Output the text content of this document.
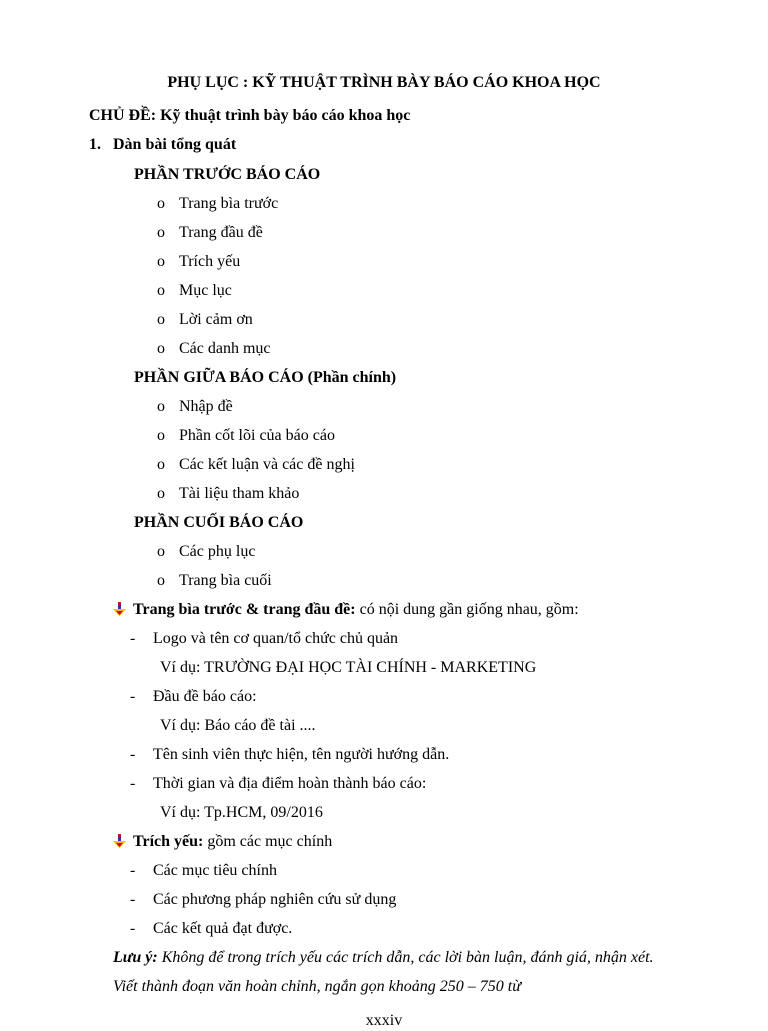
PHỤ LỤC : KỸ THUẬT TRÌNH BÀY BÁO CÁO KHOA HỌC
CHỦ ĐỀ: Kỹ thuật trình bày báo cáo khoa học
1. Dàn bài tổng quát
PHẦN TRƯỚC BÁO CÁO
o Trang bìa trước
o Trang đầu đề
o Trích yếu
o Mục lục
o Lời cảm ơn
o Các danh mục
PHẦN GIỮA BÁO CÁO (Phần chính)
o Nhập đề
o Phần cốt lõi của báo cáo
o Các kết luận và các đề nghị
o Tài liệu tham khảo
PHẦN CUỐI BÁO CÁO
o Các phụ lục
o Trang bìa cuối
Trang bìa trước & trang đầu đề: có nội dung gần giống nhau, gồm:
- Logo và tên cơ quan/tổ chức chủ quản
Ví dụ: TRƯỜNG ĐẠI HỌC TÀI CHÍNH - MARKETING
- Đầu đề báo cáo:
Ví dụ: Báo cáo đề tài ....
- Tên sinh viên thực hiện, tên người hướng dẫn.
- Thời gian và địa điểm hoàn thành báo cáo:
Ví dụ: Tp.HCM, 09/2016
Trích yếu: gồm các mục chính
- Các mục tiêu chính
- Các phương pháp nghiên cứu sử dụng
- Các kết quả đạt được.
Lưu ý: Không để trong trích yếu các trích dẫn, các lời bàn luận, đánh giá, nhận xét.
Viết thành đoạn văn hoàn chỉnh, ngắn gọn khoảng 250 – 750 từ
xxxiv
